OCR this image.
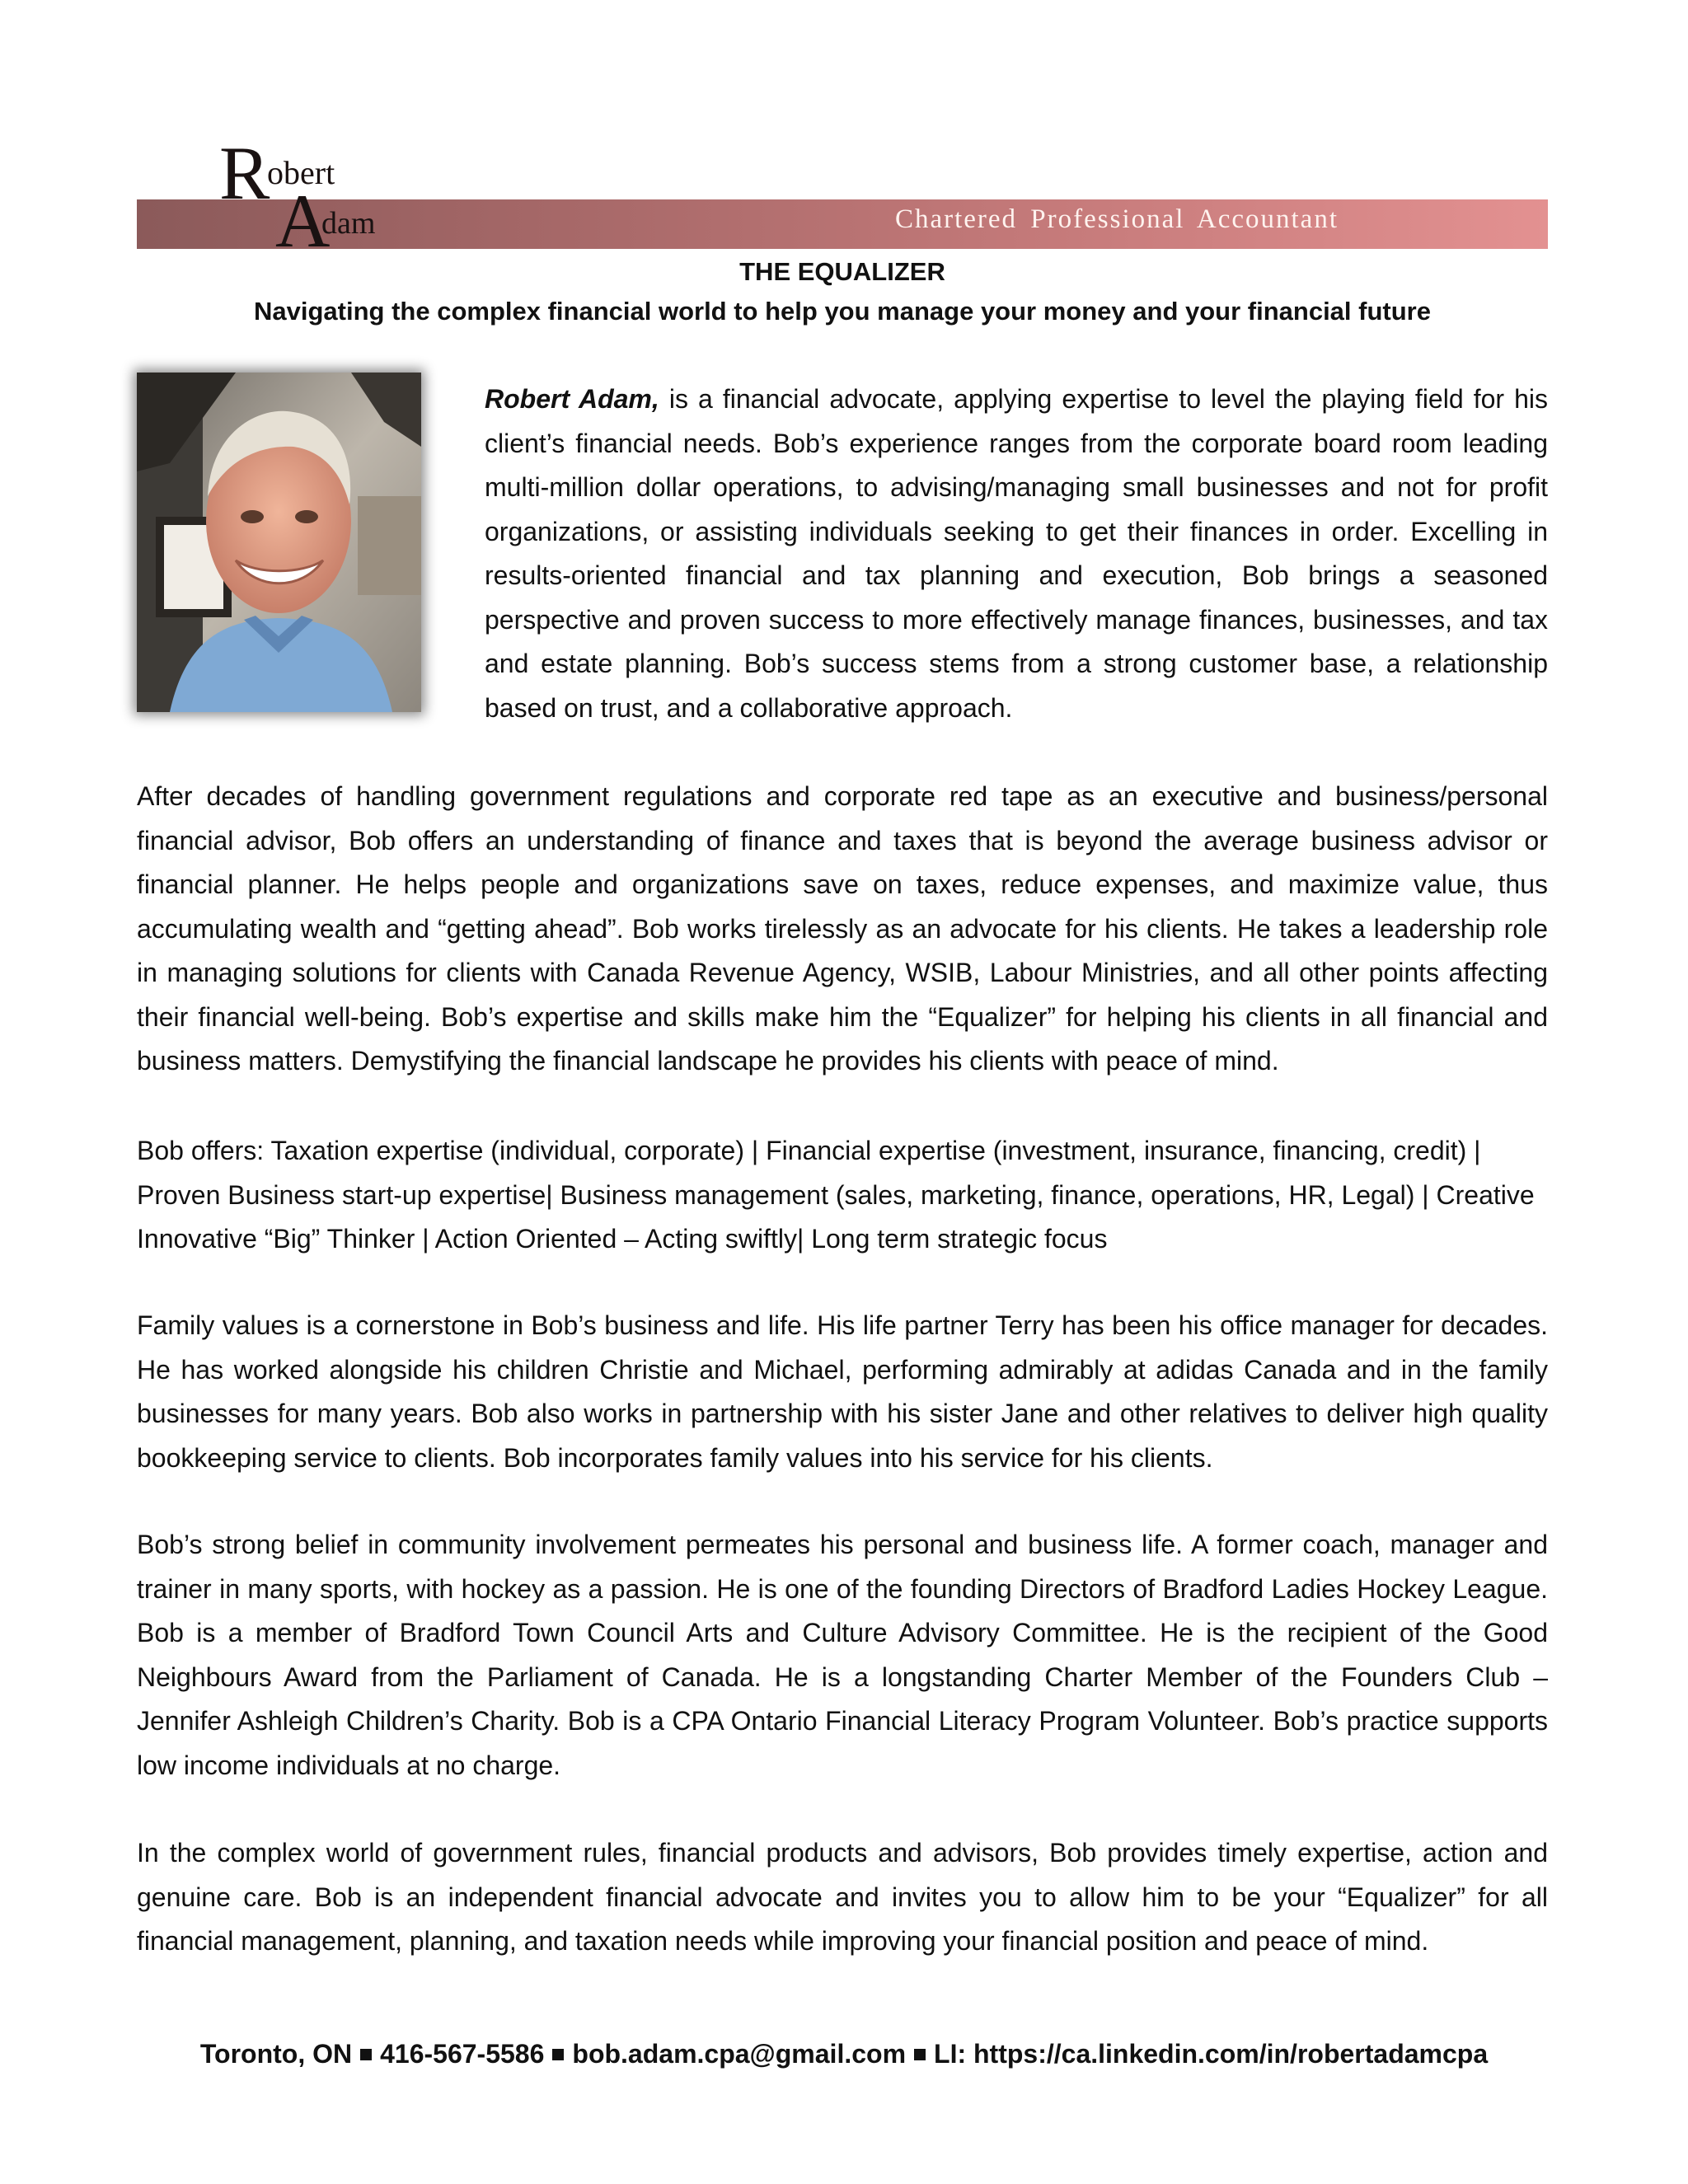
Chartered Professional Accountant
R
obert
A
dam
THE EQUALIZER
Navigating the complex financial world to help you manage your money and your financial future

Robert Adam, is a financial advocate, applying expertise to level the playing field for his client’s financial needs. Bob’s experience ranges from the corporate board room leading multi-million dollar operations, to advising/managing small businesses and not for profit organizations, or assisting individuals seeking to get their finances in order. Excelling in results-oriented financial and tax planning and execution, Bob brings a seasoned perspective and proven success to more effectively manage finances, businesses, and tax and estate planning. Bob’s success stems from a strong customer base, a relationship based on trust, and a collaborative approach.

After decades of handling government regulations and corporate red tape as an executive and business/personal financial advisor, Bob offers an understanding of finance and taxes that is beyond the average business advisor or financial planner. He helps people and organizations save on taxes, reduce expenses, and maximize value, thus accumulating wealth and “getting ahead”. Bob works tirelessly as an advocate for his clients. He takes a leadership role in managing solutions for clients with Canada Revenue Agency, WSIB, Labour Ministries, and all other points affecting their financial well-being. Bob’s expertise and skills make him the “Equalizer” for helping his clients in all financial and business matters. Demystifying the financial landscape he provides his clients with peace of mind.

Bob offers: Taxation expertise (individual, corporate) | Financial expertise (investment, insurance, financing, credit) | Proven Business start-up expertise| Business management (sales, marketing, finance, operations, HR, Legal) | Creative Innovative “Big” Thinker | Action Oriented – Acting swiftly| Long term strategic focus

Family values is a cornerstone in Bob’s business and life. His life partner Terry has been his office manager for decades. He has worked alongside his children Christie and Michael, performing admirably at adidas Canada and in the family businesses for many years. Bob also works in partnership with his sister Jane and other relatives to deliver high quality bookkeeping service to clients. Bob incorporates family values into his service for his clients.

Bob’s strong belief in community involvement permeates his personal and business life. A former coach, manager and trainer in many sports, with hockey as a passion. He is one of the founding Directors of Bradford Ladies Hockey League. Bob is a member of Bradford Town Council Arts and Culture Advisory Committee. He is the recipient of the Good Neighbours Award from the Parliament of Canada. He is a longstanding Charter Member of the Founders Club – Jennifer Ashleigh Children’s Charity. Bob is a CPA Ontario Financial Literacy Program Volunteer. Bob’s practice supports low income individuals at no charge.

In the complex world of government rules, financial products and advisors, Bob provides timely expertise, action and genuine care. Bob is an independent financial advocate and invites you to allow him to be your “Equalizer” for all financial management, planning, and taxation needs while improving your financial position and peace of mind.

Toronto, ON 416-567-5586 bob.adam.cpa@gmail.com LI: https://ca.linkedin.com/in/robertadamcpa
